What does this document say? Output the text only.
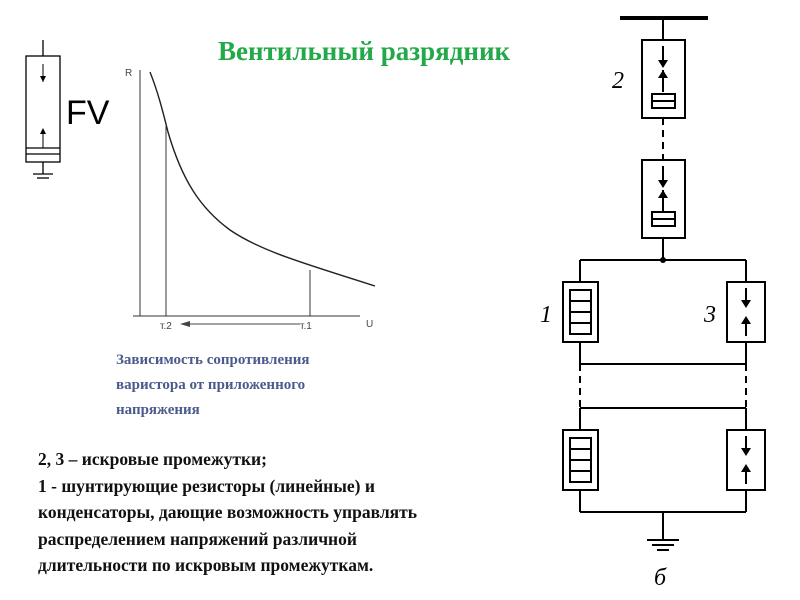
Вентильный разрядник
FV
R
U
т.2	т.1
Зависимость сопротивления
варистора от приложенного
напряжения
2, 3 – искровые промежутки;
1 - шунтирующие резисторы (линейные) и
конденсаторы, дающие возможность управлять
распределением напряжений различной
длительности по искровым промежуткам.
2
1	3
б
